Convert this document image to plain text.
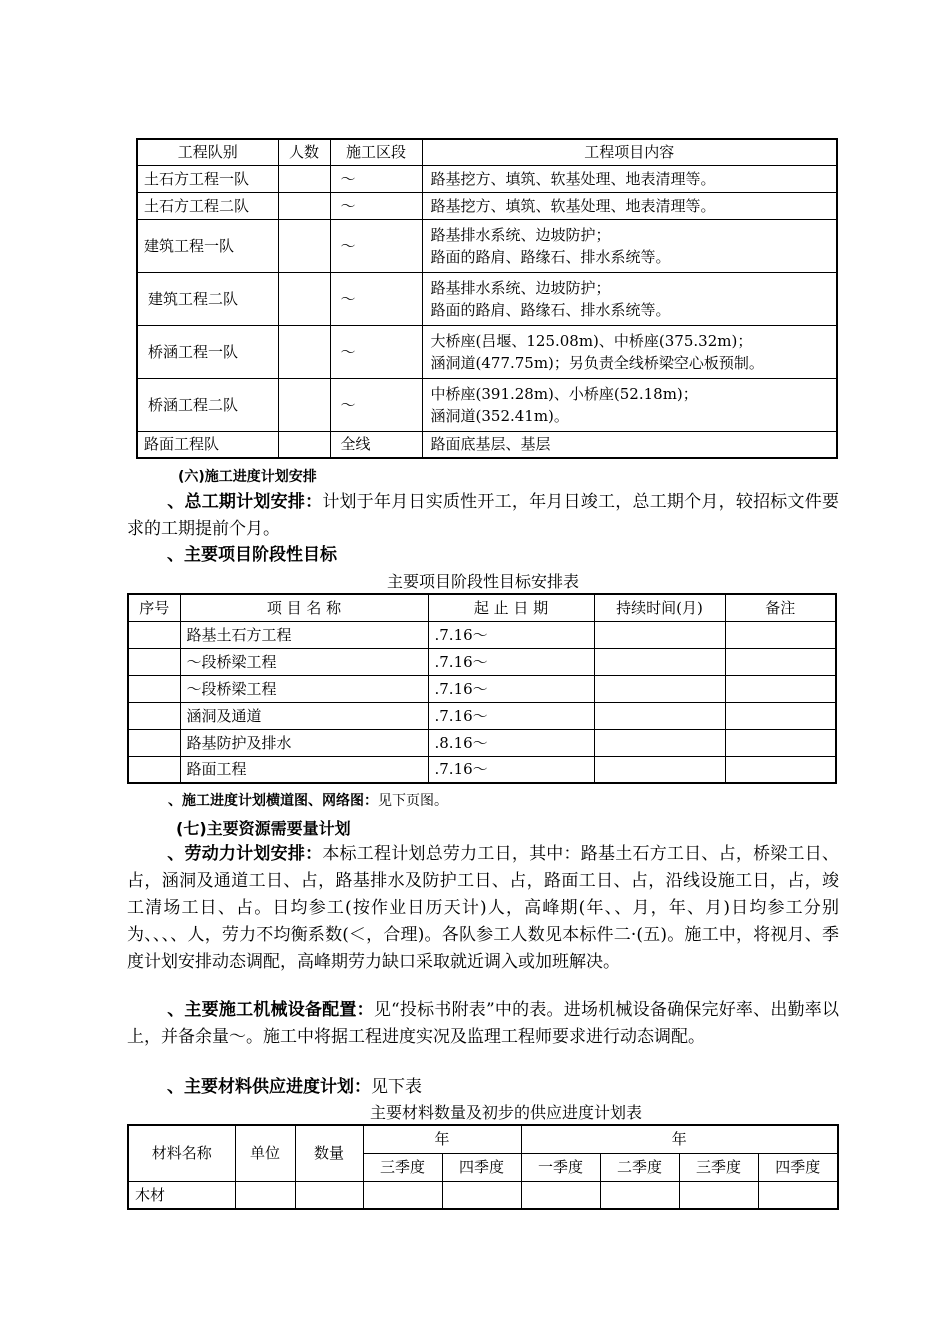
工程队别	人数	施工区段	工程项目内容
土石方工程一队		～	路基挖方、填筑、软基处理、地表清理等。
土石方工程二队		～	路基挖方、填筑、软基处理、地表清理等。
建筑工程一队		～	路基排水系统、边坡防护；
路面的路肩、路缘石、排水系统等。

建筑工程二队		～	路基排水系统、边坡防护；
路面的路肩、路缘石、排水系统等。

桥涵工程一队		～	大桥座(吕堰、125.08m)、中桥座(375.32m)；
涵洞道(477.75m)；另负责全线桥梁空心板预制。

桥涵工程二队		～	中桥座(391.28m)、小桥座(52.18m)；
涵洞道(352.41m)。

路面工程队		全线	路面底基层、基层
(六)施工进度计划安排
、总工期计划安排：计划于年月日实质性开工，年月日竣工，总工期个月，较招标文件要求的工期提前个月。
、主要项目阶段性目标
主要项目阶段性目标安排表
序号	项 目 名 称	起 止 日 期	持续时间(月)	备注
	路基土石方工程	.7.16～		
	～段桥梁工程	.7.16～		
	～段桥梁工程	.7.16～		
	涵洞及通道	.7.16～		
	路基防护及排水	.8.16～		
	路面工程	.7.16～		
、施工进度计划横道图、网络图：见下页图。
(七)主要资源需要量计划
、劳动力计划安排：本标工程计划总劳力工日，其中：路基土石方工日、占，桥梁工日、占，涵洞及通道工日、占，路基排水及防护工日、占，路面工日、占，沿线设施工日，占，竣工清场工日、占。日均参工(按作业日历天计)人，高峰期(年、、月，年、月)日均参工分别为、、、、人，劳力不均衡系数(＜，合理)。各队参工人数见本标件二·(五)。施工中，将视月、季度计划安排动态调配，高峰期劳力缺口采取就近调入或加班解决。
、主要施工机械设备配置：见“投标书附表”中的表。进场机械设备确保完好率、出勤率以上，并备余量～。施工中将据工程进度实况及监理工程师要求进行动态调配。
、主要材料供应进度计划：见下表
主要材料数量及初步的供应进度计划表
材料名称	单位	数量	年		年			
			三季度	四季度	一季度	二季度	三季度	四季度
木材								
